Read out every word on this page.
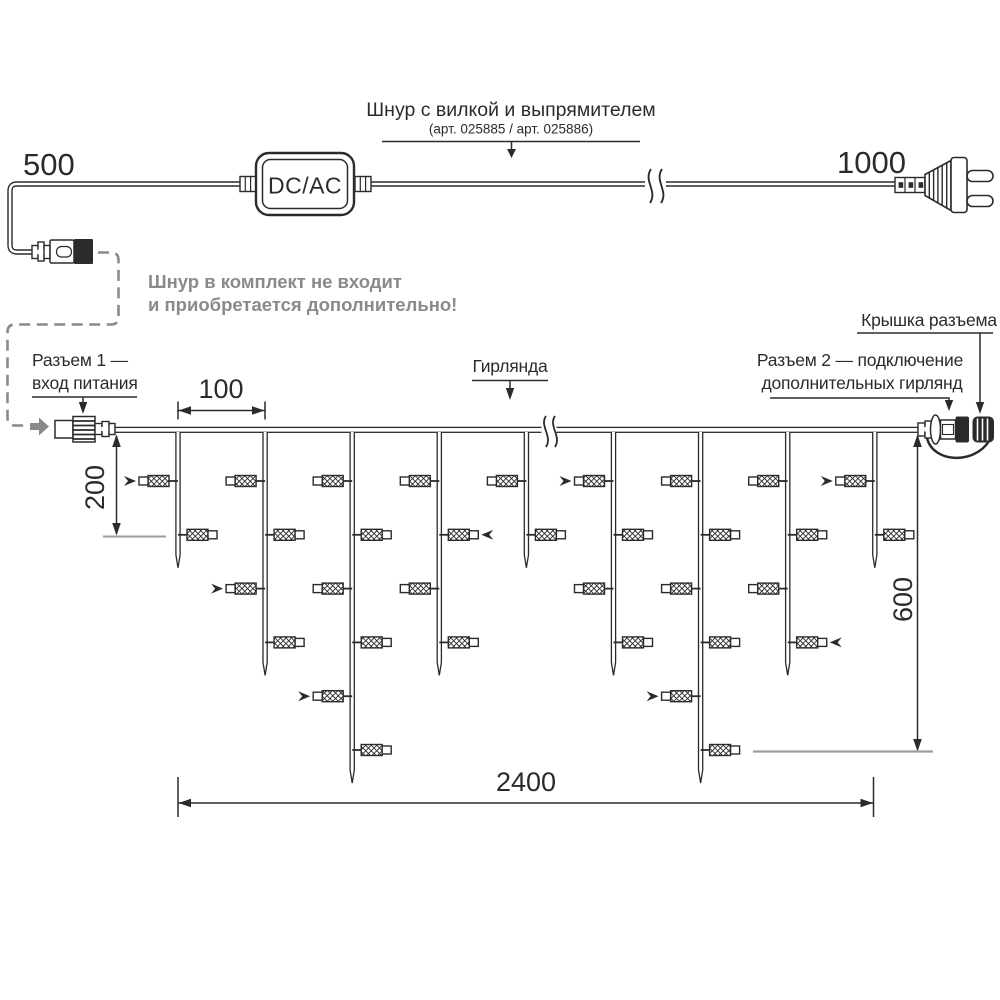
DC/AC
Шнур с вилкой и выпрямителем
(арт. 025885 / арт. 025886)
500	1000
Шнур в комплект не входит
и приобретается дополнительно!
Разъем 1 —
вход питания
Гирлянда	Разъем 2 — подключение
дополнительных гирлянд
Крышка разъема
100
200
600
2400
